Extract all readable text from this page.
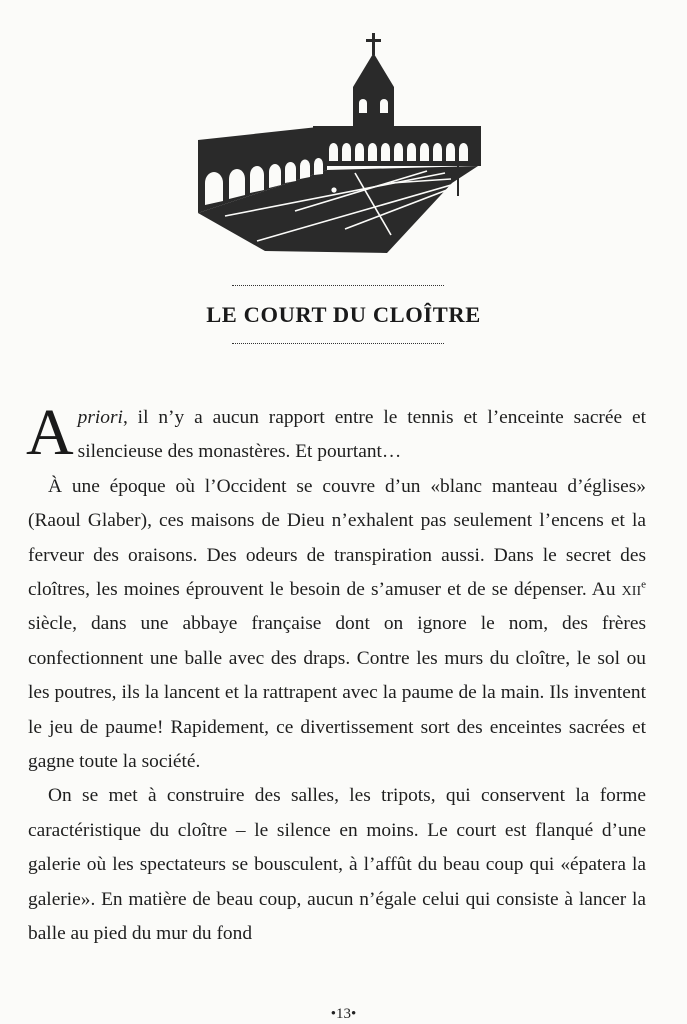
LE COURT DU CLOÎTRE

Apriori, il n’y a aucun rapport entre le tennis et l’enceinte sacrée et silencieuse des monastères. Et pourtant…

À une époque où l’Occident se couvre d’un «blanc manteau d’églises» (Raoul Glaber), ces maisons de Dieu n’exhalent pas seulement l’encens et la ferveur des oraisons. Des odeurs de transpiration aussi. Dans le secret des cloîtres, les moines éprouvent le besoin de s’amuser et de se dépenser. Au xii$^e$ siècle, dans une abbaye française dont on ignore le nom, des frères confectionnent une balle avec des draps. Contre les murs du cloître, le sol ou les poutres, ils la lancent et la rattrapent avec la paume de la main. Ils inventent le jeu de paume! Rapidement, ce divertissement sort des enceintes sacrées et gagne toute la société.

On se met à construire des salles, les tripots, qui conservent la forme caractéristique du cloître – le silence en moins. Le court est flanqué d’une galerie où les spectateurs se bousculent, à l’affût du beau coup qui «épatera la galerie». En matière de beau coup, aucun n’égale celui qui consiste à lancer la balle au pied du mur du fond

•13•
